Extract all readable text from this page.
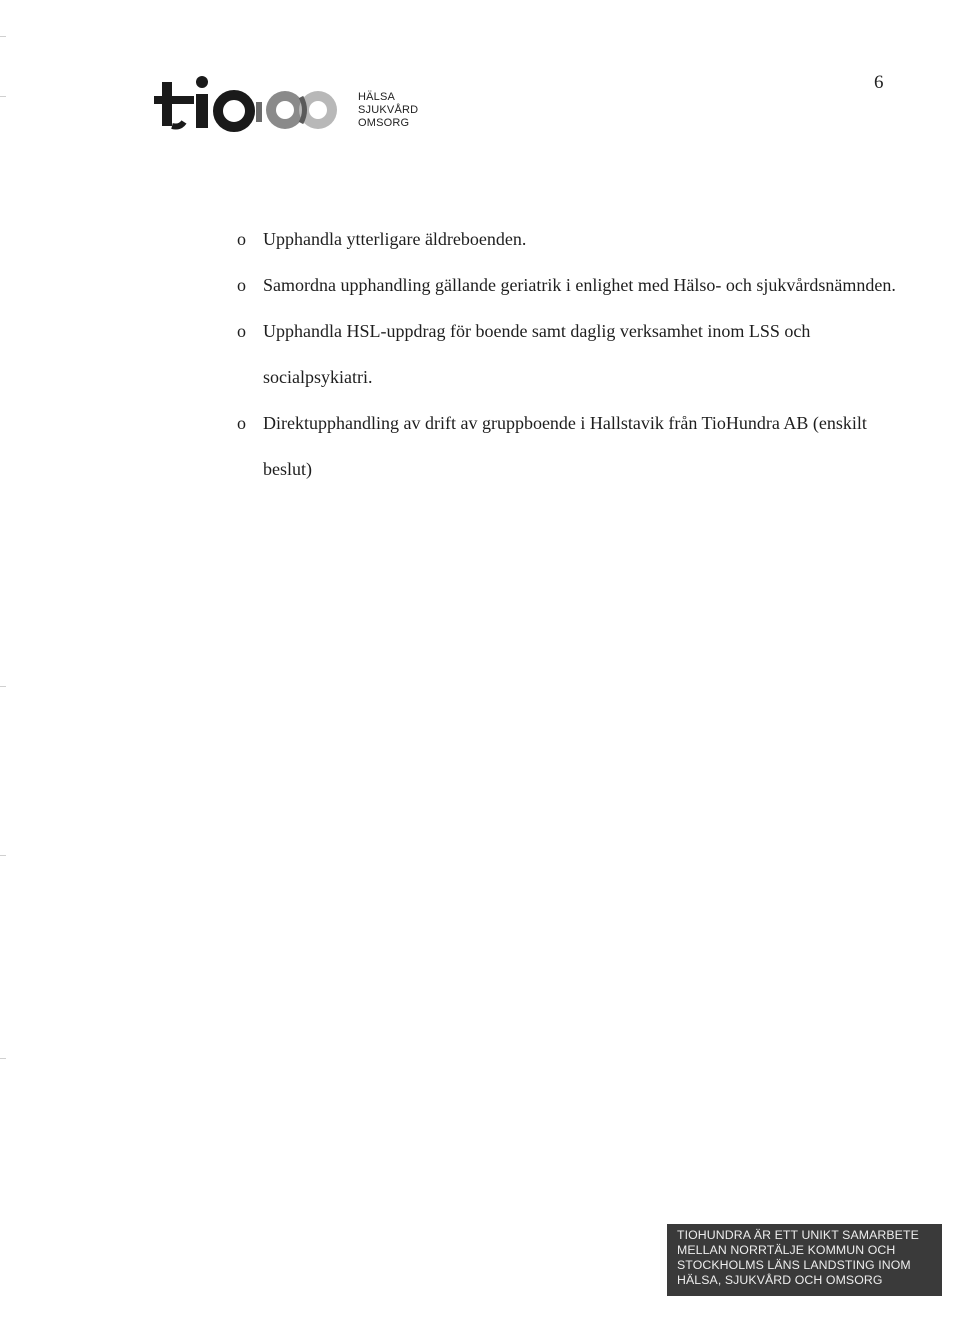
HÄLSA
SJUKVÅRD
OMSORG
6
o Upphandla ytterligare äldreboenden.
o Samordna upphandling gällande geriatrik i enlighet med Hälso- och sjukvårdsnämnden.
o Upphandla HSL-uppdrag för boende samt daglig verksamhet inom LSS och socialpsykiatri.
o Direktupphandling av drift av gruppboende i Hallstavik från TioHundra AB (enskilt beslut)
TIOHUNDRA ÄR ETT UNIKT SAMARBETE
MELLAN NORRTÄLJE KOMMUN OCH
STOCKHOLMS LÄNS LANDSTING INOM
HÄLSA, SJUKVÅRD OCH OMSORG
